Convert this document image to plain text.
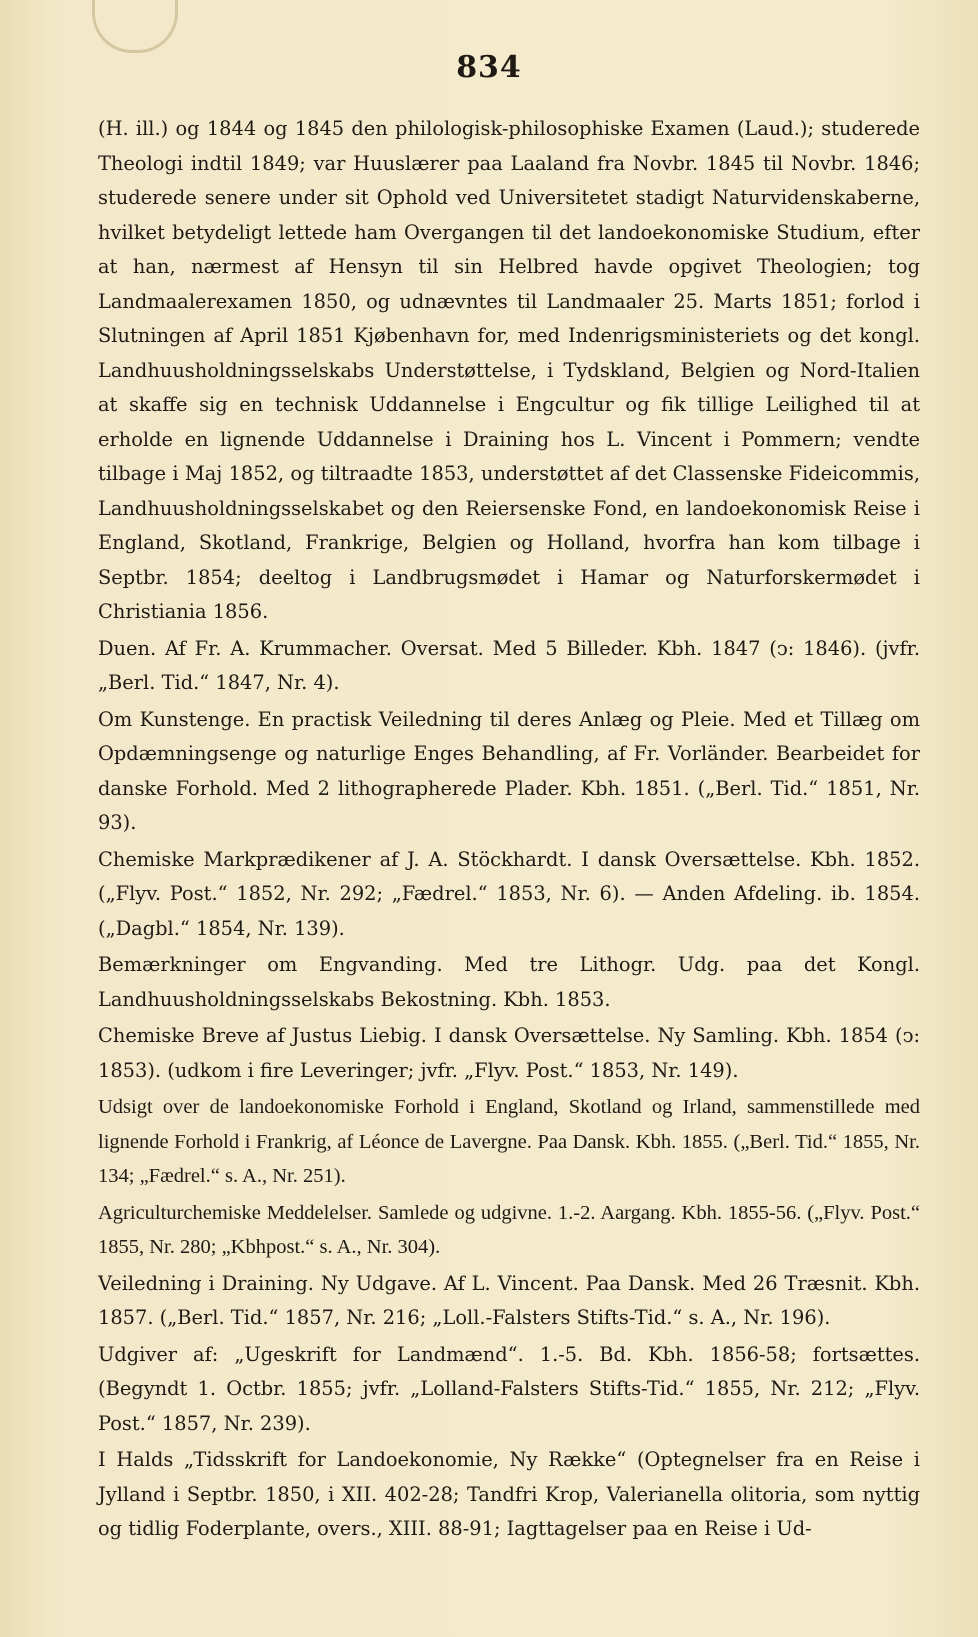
834

(H. ill.) og 1844 og 1845 den philologisk-philosophiske Examen (Laud.); studerede Theologi indtil 1849; var Huuslærer paa Laaland fra Novbr. 1845 til Novbr. 1846; studerede senere under sit Ophold ved Universitetet stadigt Naturvidenskaberne, hvilket betydeligt lettede ham Overgangen til det landoekonomiske Studium, efter at han, nærmest af Hensyn til sin Helbred havde opgivet Theologien; tog Landmaalerexamen 1850, og udnævntes til Landmaaler 25. Marts 1851; forlod i Slutningen af April 1851 Kjøbenhavn for, med Indenrigsministeriets og det kongl. Landhuusholdningsselskabs Understøttelse, i Tydskland, Belgien og Nord-Italien at skaffe sig en technisk Uddannelse i Engcultur og fik tillige Leilighed til at erholde en lignende Uddannelse i Draining hos L. Vincent i Pommern; vendte tilbage i Maj 1852, og tiltraadte 1853, understøttet af det Classenske Fideicommis, Landhuusholdningsselskabet og den Reiersenske Fond, en landoekonomisk Reise i England, Skotland, Frankrige, Belgien og Holland, hvorfra han kom tilbage i Septbr. 1854; deeltog i Landbrugsmødet i Hamar og Naturforskermødet i Christiania 1856.

Duen. Af Fr. A. Krummacher. Oversat. Med 5 Billeder. Kbh. 1847 (ↄ: 1846). (jvfr. „Berl. Tid.“ 1847, Nr. 4).

Om Kunstenge. En practisk Veiledning til deres Anlæg og Pleie. Med et Tillæg om Opdæmningsenge og naturlige Enges Behandling, af Fr. Vorländer. Bearbeidet for danske Forhold. Med 2 lithographerede Plader. Kbh. 1851. („Berl. Tid.“ 1851, Nr. 93).

Chemiske Markprædikener af J. A. Stöckhardt. I dansk Oversættelse. Kbh. 1852. („Flyv. Post.“ 1852, Nr. 292; „Fædrel.“ 1853, Nr. 6). — Anden Afdeling. ib. 1854. („Dagbl.“ 1854, Nr. 139).

Bemærkninger om Engvanding. Med tre Lithogr. Udg. paa det Kongl. Landhuusholdningsselskabs Bekostning. Kbh. 1853.

Chemiske Breve af Justus Liebig. I dansk Oversættelse. Ny Samling. Kbh. 1854 (ↄ: 1853). (udkom i fire Leveringer; jvfr. „Flyv. Post.“ 1853, Nr. 149).

Udsigt over de landoekonomiske Forhold i England, Skotland og Irland, sammenstillede med lignende Forhold i Frankrig, af Léonce de Lavergne. Paa Dansk. Kbh. 1855. („Berl. Tid.“ 1855, Nr. 134; „Fædrel.“ s. A., Nr. 251).

Agriculturchemiske Meddelelser. Samlede og udgivne. 1.-2. Aargang. Kbh. 1855-56. („Flyv. Post.“ 1855, Nr. 280; „Kbhpost.“ s. A., Nr. 304).

Veiledning i Draining. Ny Udgave. Af L. Vincent. Paa Dansk. Med 26 Træsnit. Kbh. 1857. („Berl. Tid.“ 1857, Nr. 216; „Loll.-Falsters Stifts-Tid.“ s. A., Nr. 196).

Udgiver af: „Ugeskrift for Landmænd“. 1.-5. Bd. Kbh. 1856-58; fortsættes. (Begyndt 1. Octbr. 1855; jvfr. „Lolland-Falsters Stifts-Tid.“ 1855, Nr. 212; „Flyv. Post.“ 1857, Nr. 239).

I Halds „Tidsskrift for Landoekonomie, Ny Række“ (Optegnelser fra en Reise i Jylland i Septbr. 1850, i XII. 402-28; Tandfri Krop, Valerianella olitoria, som nyttig og tidlig Foderplante, overs., XIII. 88-91; Iagttagelser paa en Reise i Ud-
